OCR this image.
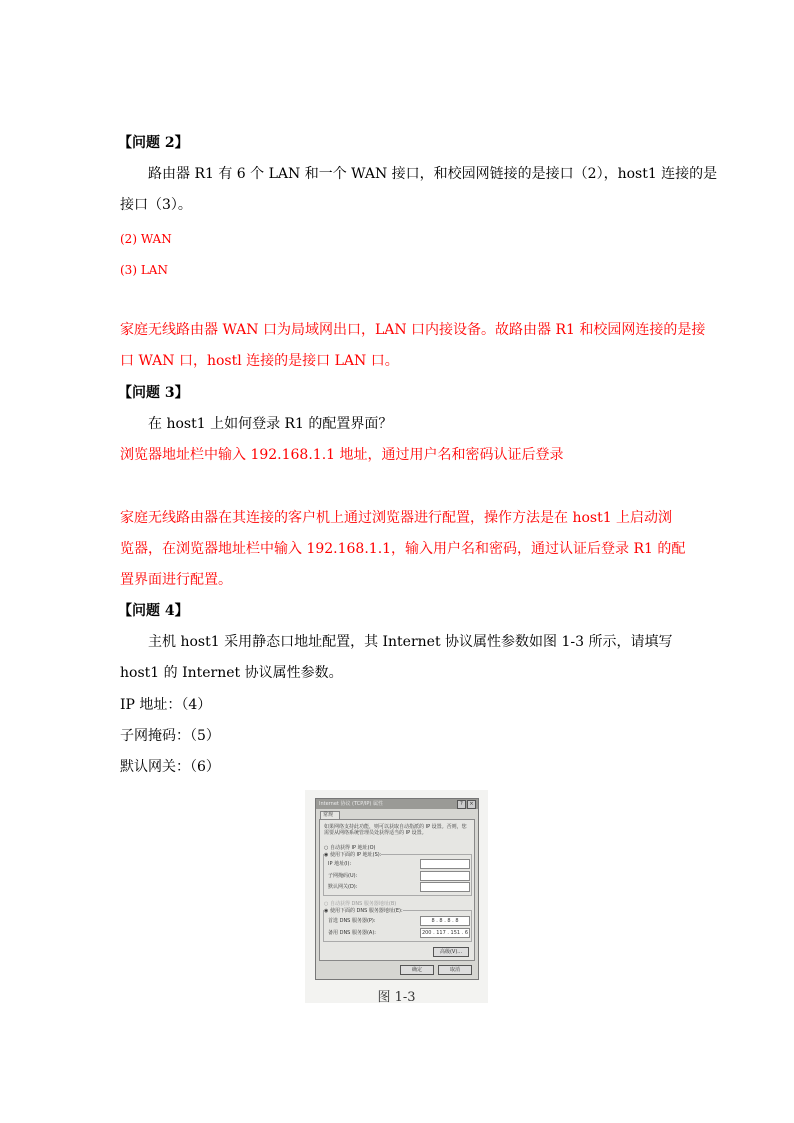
【问题 2】
路由器 R1 有 6 个 LAN 和一个 WAN 接口，和校园网链接的是接口（2），host1 连接的是
接口（3）。
(2) WAN
(3) LAN
家庭无线路由器 WAN 口为局域网出口，LAN 口内接设备。故路由器 R1 和校园网连接的是接
口 WAN 口，hostl 连接的是接口 LAN 口。
【问题 3】
在 host1 上如何登录 R1 的配置界面？
浏览器地址栏中输入 192.168.1.1 地址，通过用户名和密码认证后登录
家庭无线路由器在其连接的客户机上通过浏览器进行配置，操作方法是在 host1 上启动浏
览器，在浏览器地址栏中输入 192.168.1.1，输入用户名和密码，通过认证后登录 R1 的配
置界面进行配置。
【问题 4】
主机 host1 采用静态口地址配置，其 Internet 协议属性参数如图 1-3 所示，请填写
host1 的 Internet 协议属性参数。
IP 地址：（4）
子网掩码：（5）
默认网关：（6）
Internet 协议 (TCP/IP) 属性	?	×
常规
如果网络支持此功能，则可以获取自动指派的 IP 设置。否则，您需要从网络系统管理员处获得适当的 IP 设置。
○ 自动获得 IP 地址(O)
◉ 使用下面的 IP 地址(S):
IP 地址(I):
子网掩码(U):
默认网关(D):
○ 自动获得 DNS 服务器地址(B)
◉ 使用下面的 DNS 服务器地址(E):
首选 DNS 服务器(P):	8 . 8 . 8 . 8
备用 DNS 服务器(A):	200 . 117 . 151 . 6
高级(V)...
确定	取消
图 1-3
